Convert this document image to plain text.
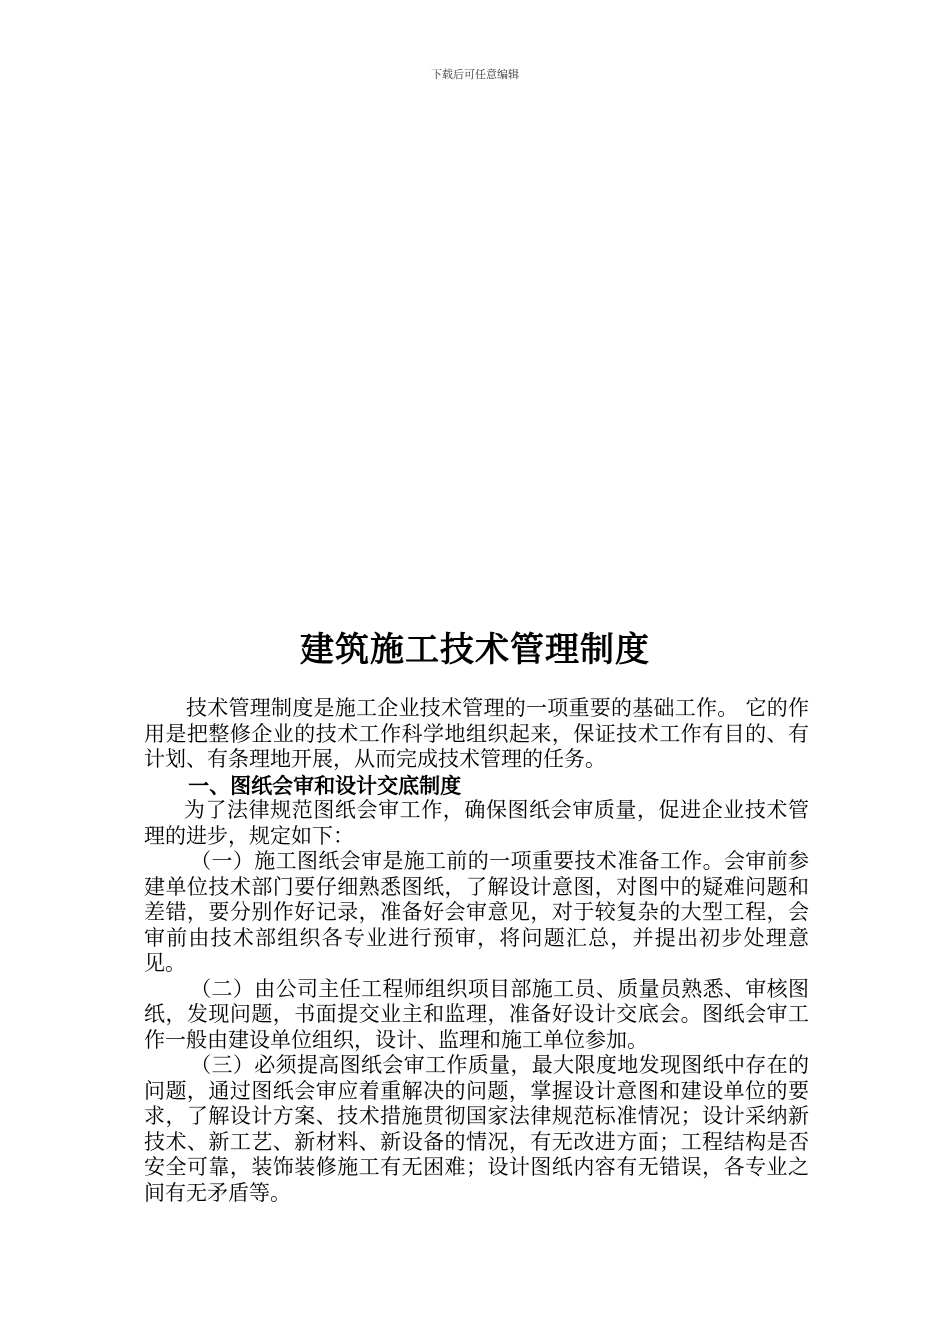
下载后可任意编辑
建筑施工技术管理制度

技术管理制度是施工企业技术管理的一项重要的基础工作。 它的作用是把整修企业的技术工作科学地组织起来，保证技术工作有目的、有计划、有条理地开展，从而完成技术管理的任务。

一、图纸会审和设计交底制度

为了法律规范图纸会审工作，确保图纸会审质量，促进企业技术管理的进步，规定如下：

（一）施工图纸会审是施工前的一项重要技术准备工作。会审前参建单位技术部门要仔细熟悉图纸，了解设计意图，对图中的疑难问题和差错，要分别作好记录，准备好会审意见，对于较复杂的大型工程，会审前由技术部组织各专业进行预审，将问题汇总，并提出初步处理意见。

（二）由公司主任工程师组织项目部施工员、质量员熟悉、审核图纸，发现问题，书面提交业主和监理，准备好设计交底会。图纸会审工作一般由建设单位组织，设计、监理和施工单位参加。

（三）必须提高图纸会审工作质量，最大限度地发现图纸中存在的问题，通过图纸会审应着重解决的问题，掌握设计意图和建设单位的要求，了解设计方案、技术措施贯彻国家法律规范标准情况；设计采纳新技术、新工艺、新材料、新设备的情况，有无改进方面；工程结构是否安全可靠，装饰装修施工有无困难；设计图纸内容有无错误，各专业之间有无矛盾等。
